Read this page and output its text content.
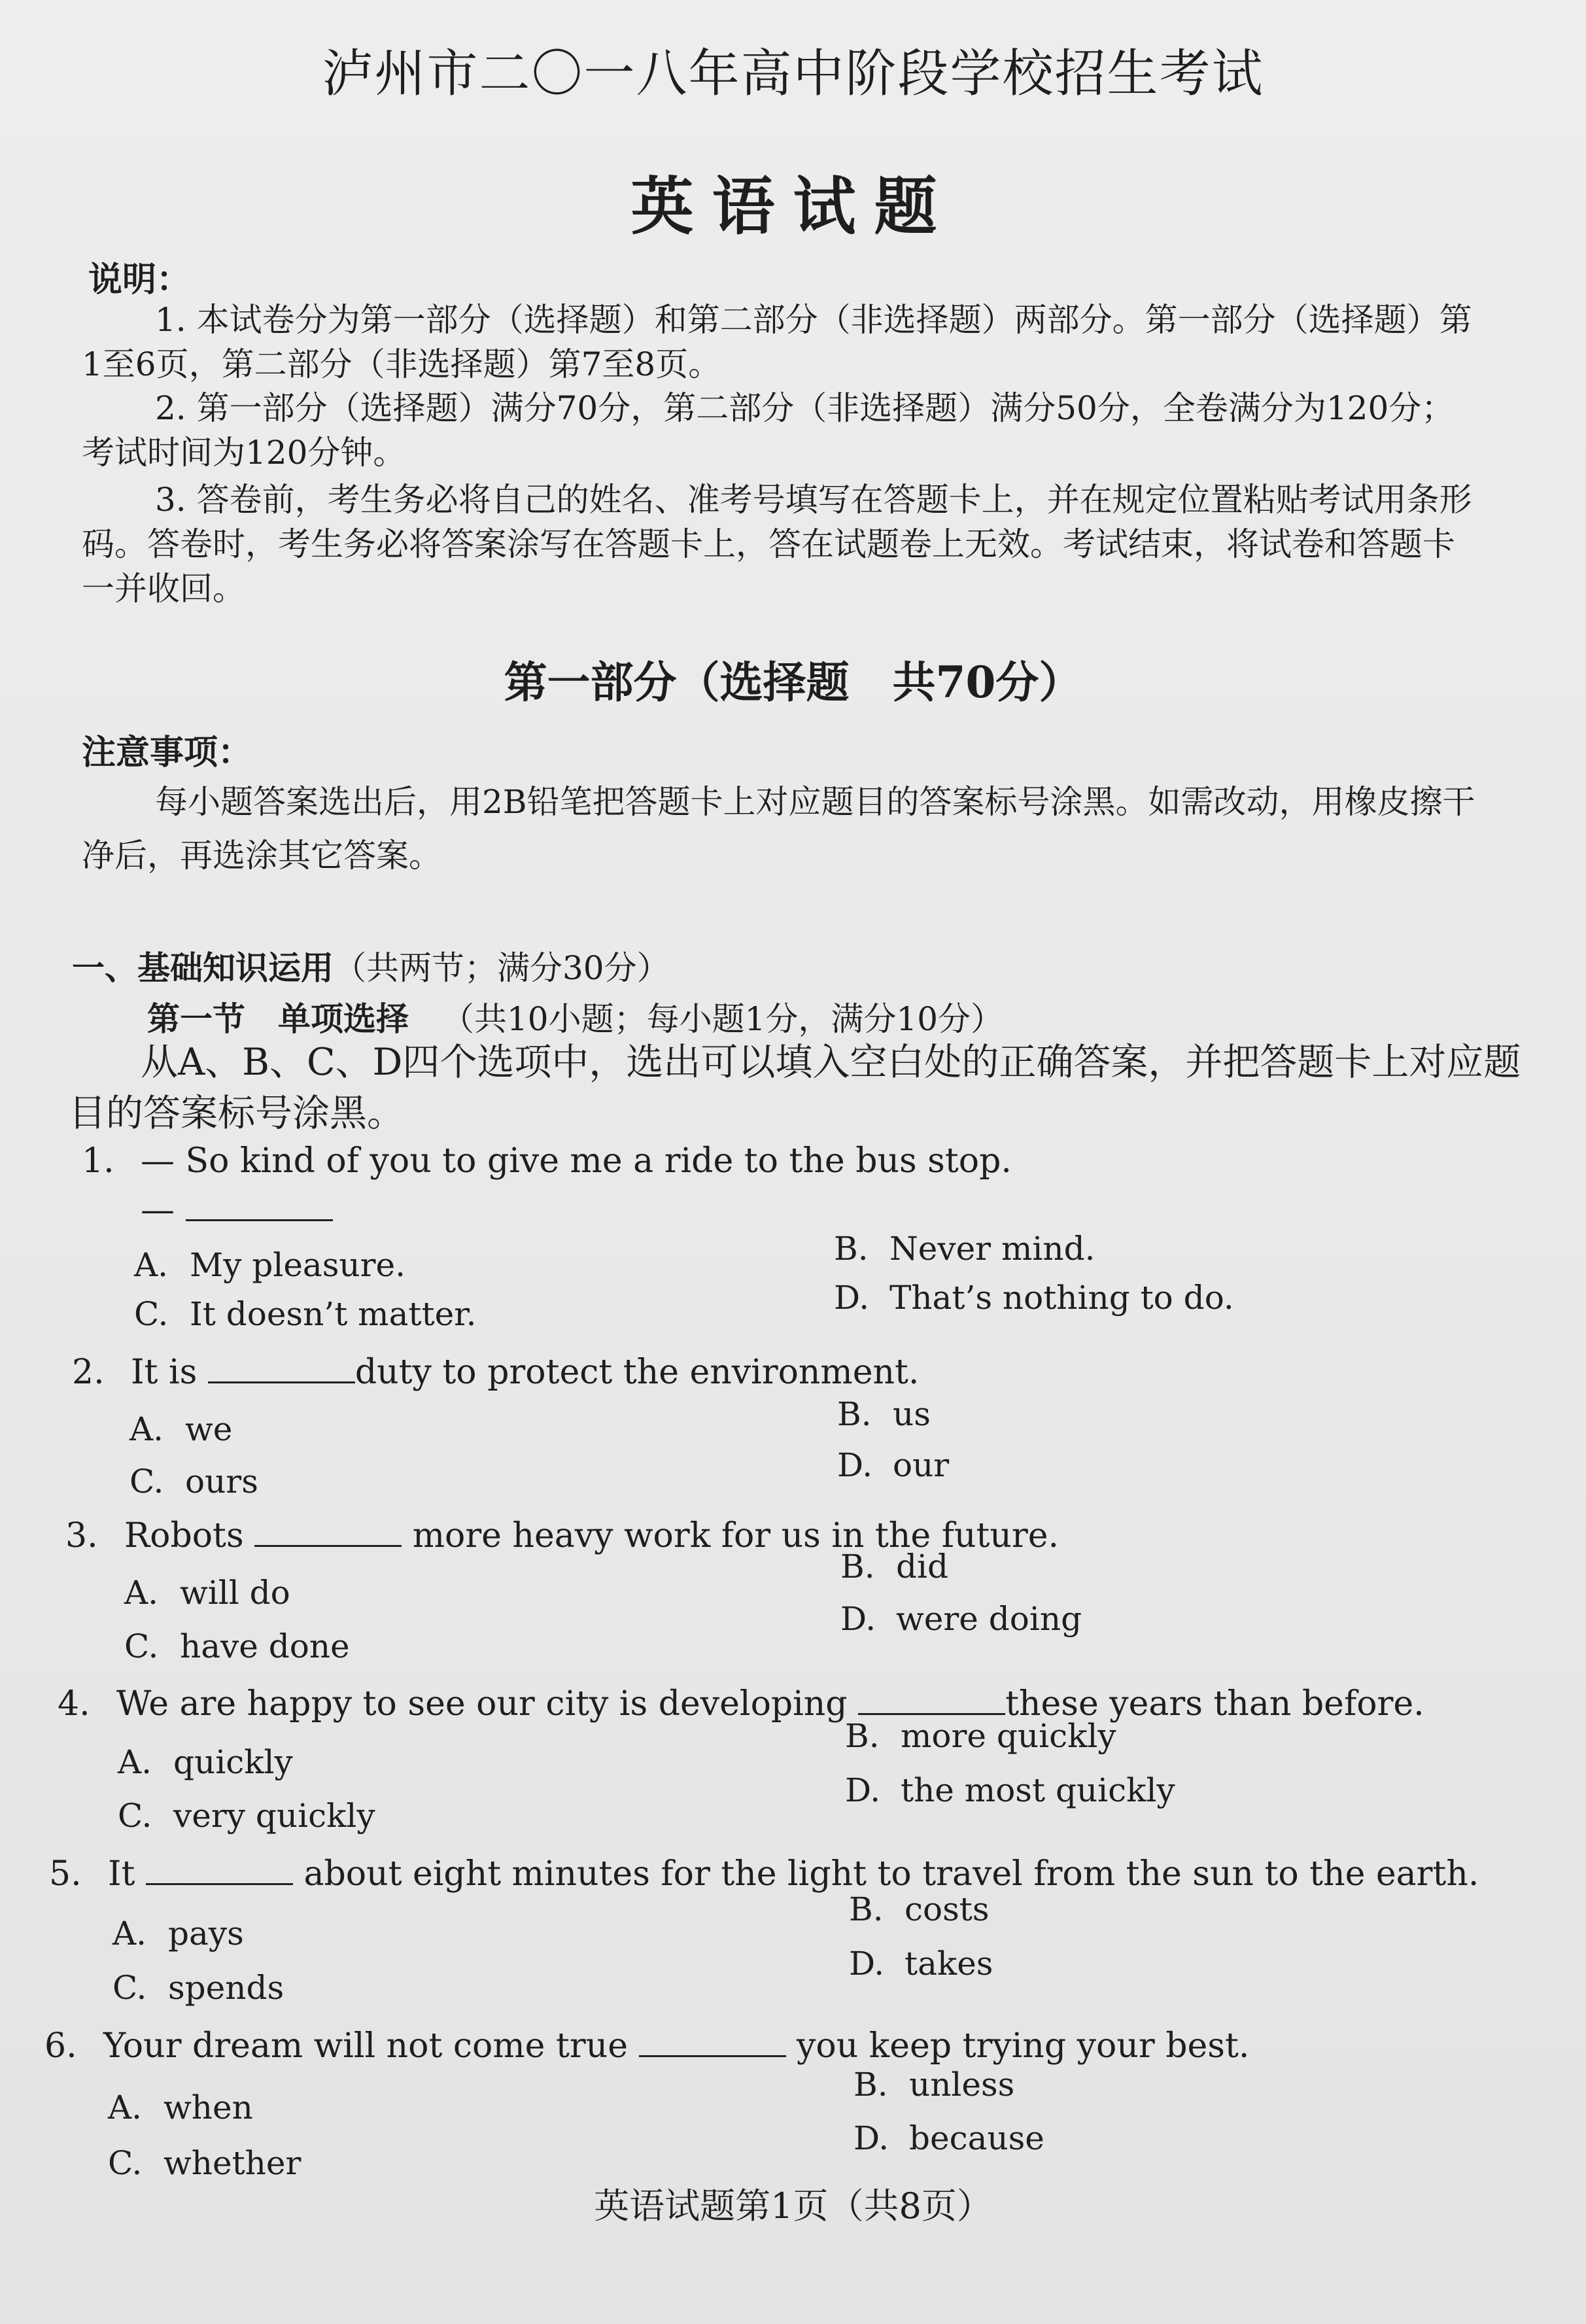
泸州市二〇一八年高中阶段学校招生考试
英语试题
说明：
1. 本试卷分为第一部分（选择题）和第二部分（非选择题）两部分。第一部分（选择题）第1至6页，第二部分（非选择题）第7至8页。
2. 第一部分（选择题）满分70分，第二部分（非选择题）满分50分，全卷满分为120分；考试时间为120分钟。
3. 答卷前，考生务必将自己的姓名、准考号填写在答题卡上，并在规定位置粘贴考试用条形码。答卷时，考生务必将答案涂写在答题卡上，答在试题卷上无效。考试结束，将试卷和答题卡一并收回。
第一部分（选择题　共70分）
注意事项：
每小题答案选出后，用2B铅笔把答题卡上对应题目的答案标号涂黑。如需改动，用橡皮擦干净后，再选涂其它答案。
一、基础知识运用（共两节；满分30分）
第一节　单项选择 （共10小题；每小题1分，满分10分）
从A、B、C、D四个选项中，选出可以填入空白处的正确答案，并把答题卡上对应题目的答案标号涂黑。
1. — So kind of you to give me a ride to the bus stop.
—
A. My pleasure.	B. Never mind.
C. It doesn’t matter.	D. That’s nothing to do.
2. It is	duty to protect the environment.
A. we	B. us
C. ours	D. our
3. Robots	more heavy work for us in the future.
A. will do
B. did
C. have done
D. were doing
4. We are happy to see our city is developing	these years than before.
A. quickly
B. more quickly
C. very quickly
D. the most quickly
5. It	about eight minutes for the light to travel from the sun to the earth.
A. pays
B. costs
C. spends
D. takes
6. Your dream will not come true	you keep trying your best.
A. when
B. unless
C. whether
D. because
英语试题第1页（共8页）
